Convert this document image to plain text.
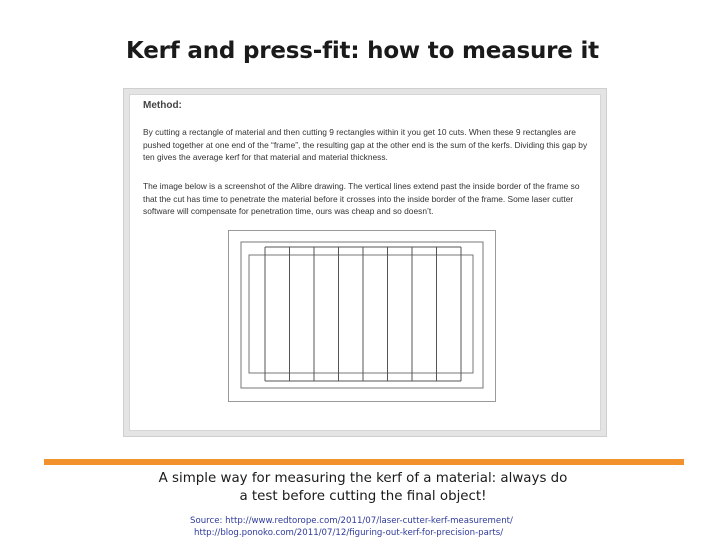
Kerf and press-fit: how to measure it
Method:

By cutting a rectangle of material and then cutting 9 rectangles within it you get 10 cuts. When these 9 rectangles are pushed together at one end of the “frame”, the resulting gap at the other end is the sum of the kerfs. Dividing this gap by ten gives the average kerf for that material and material thickness.

The image below is a screenshot of the Alibre drawing. The vertical lines extend past the inside border of the frame so that the cut has time to penetrate the material before it crosses into the inside border of the frame. Some laser cutter software will compensate for penetration time, ours was cheap and so doesn’t.

A simple way for measuring the kerf of a material: always do
a test before cutting the final object!

Source: http://www.redtorope.com/2011/07/laser-cutter-kerf-measurement/
http://blog.ponoko.com/2011/07/12/figuring-out-kerf-for-precision-parts/
